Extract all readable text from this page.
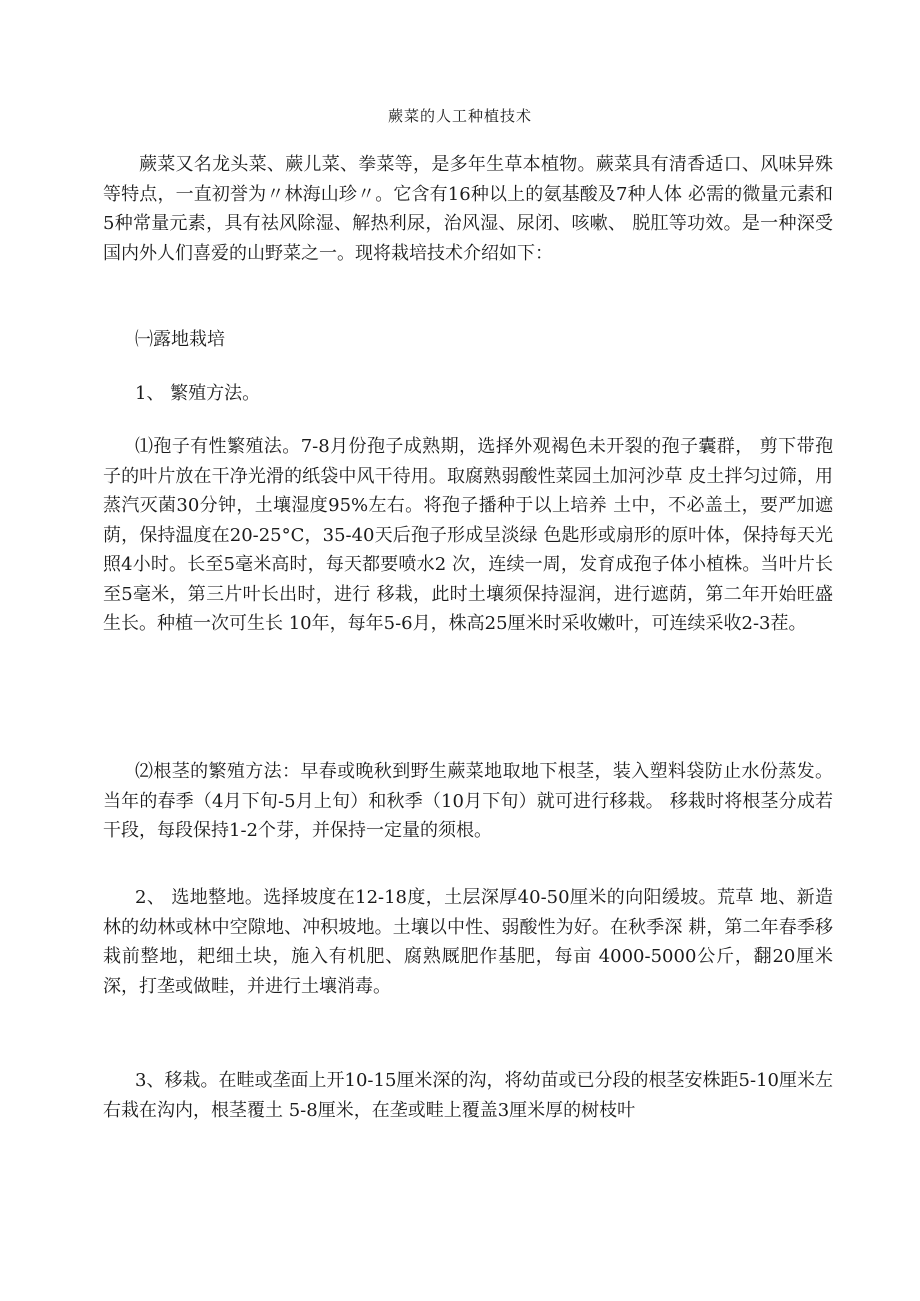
蕨菜的人工种植技术

蕨菜又名龙头菜、蕨儿菜、拳菜等，是多年生草本植物。蕨菜具有清香适口、风味异殊等特点，一直初誉为〃林海山珍〃。它含有16种以上的氨基酸及7种人体 必需的微量元素和5种常量元素，具有祛风除湿、解热利尿，治风湿、尿闭、咳嗽、 脱肛等功效。是一种深受国内外人们喜爱的山野菜之一。现将栽培技术介绍如下：

㈠露地栽培

1、 繁殖方法。

⑴孢子有性繁殖法。7-8月份孢子成熟期，选择外观褐色未开裂的孢子囊群， 剪下带孢子的叶片放在干净光滑的纸袋中风干待用。取腐熟弱酸性菜园土加河沙草 皮土拌匀过筛，用蒸汽灭菌30分钟，土壤湿度95%左右。将孢子播种于以上培养 土中，不必盖土，要严加遮荫，保持温度在20-25°C，35-40天后孢子形成呈淡绿 色匙形或扇形的原叶体，保持每天光照4小时。长至5毫米高时，每天都要喷水2 次，连续一周，发育成孢子体小植株。当叶片长至5毫米，第三片叶长出时，进行 移栽，此时土壤须保持湿润，进行遮荫，第二年开始旺盛生长。种植一次可生长 10年，每年5-6月，株高25厘米时采收嫩叶，可连续采收2-3茬。

⑵根茎的繁殖方法：早春或晚秋到野生蕨菜地取地下根茎，装入塑料袋防止水份蒸发。当年的春季（4月下旬-5月上旬）和秋季（10月下旬）就可进行移栽。 移栽时将根茎分成若干段，每段保持1-2个芽，并保持一定量的须根。

2、 选地整地。选择坡度在12-18度，土层深厚40-50厘米的向阳缓坡。荒草 地、新造林的幼林或林中空隙地、冲积坡地。土壤以中性、弱酸性为好。在秋季深 耕，第二年春季移栽前整地，耙细土块，施入有机肥、腐熟厩肥作基肥，每亩 4000-5000公斤，翻20厘米深，打垄或做畦，并进行土壤消毒。

3、移栽。在畦或垄面上开10-15厘米深的沟，将幼苗或已分段的根茎安株距5-10厘米左右栽在沟内，根茎覆土 5-8厘米，在垄或畦上覆盖3厘米厚的树枝叶
